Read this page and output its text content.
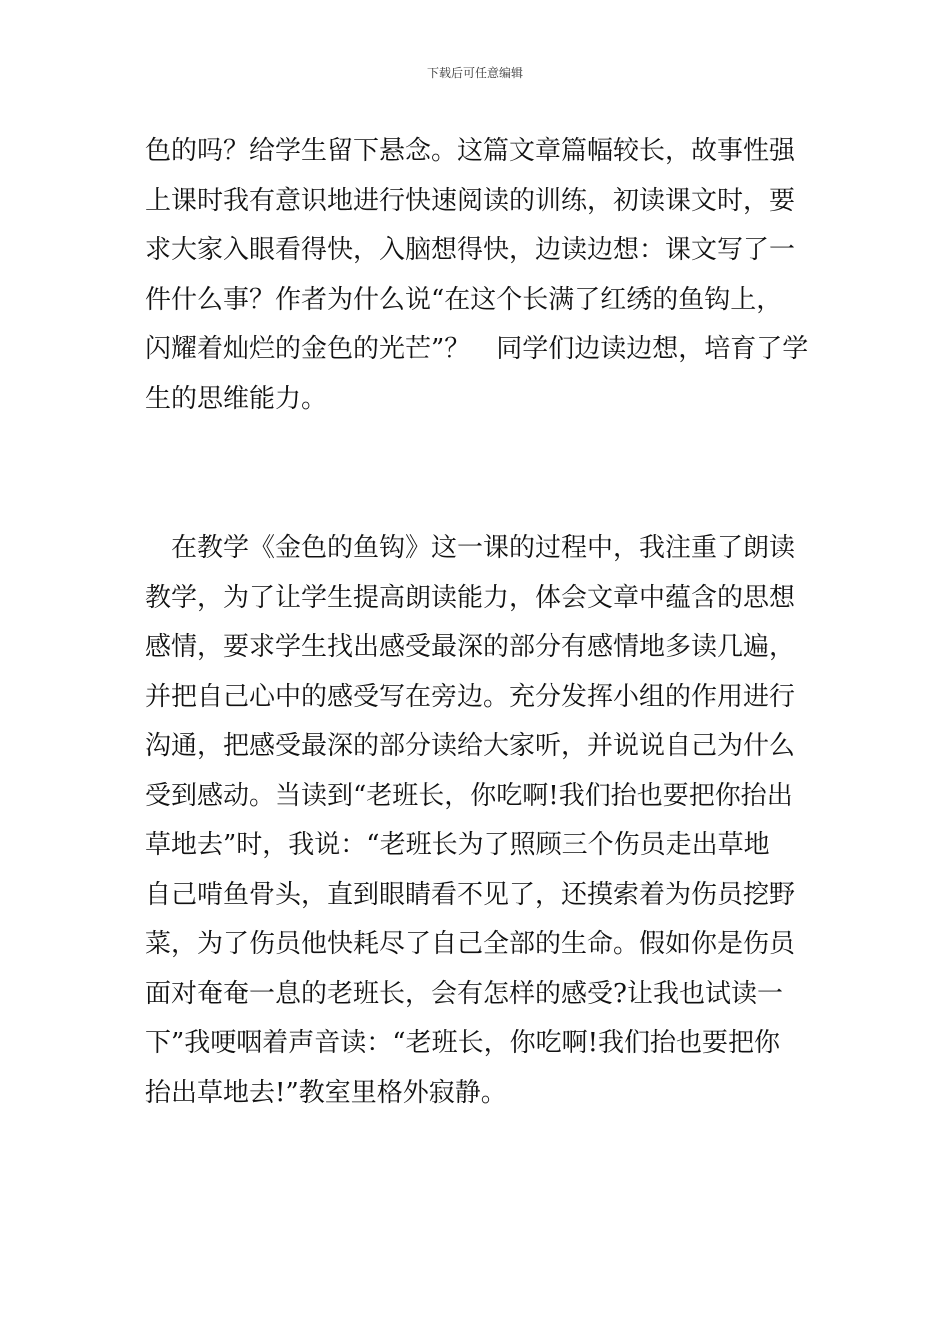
下载后可任意编辑
色的吗？给学生留下悬念。这篇文章篇幅较长，故事性强
上课时我有意识地进行快速阅读的训练，初读课文时，要
求大家入眼看得快，入脑想得快，边读边想：课文写了一
件什么事？作者为什么说“在这个长满了红绣的鱼钩上，
闪耀着灿烂的金色的光芒”？　同学们边读边想，培育了学
生的思维能力。
　在教学《金色的鱼钩》这一课的过程中，我注重了朗读
教学，为了让学生提高朗读能力，体会文章中蕴含的思想
感情，要求学生找出感受最深的部分有感情地多读几遍，
并把自己心中的感受写在旁边。充分发挥小组的作用进行
沟通，把感受最深的部分读给大家听，并说说自己为什么
受到感动。当读到“老班长，你吃啊!我们抬也要把你抬出
草地去”时，我说：“老班长为了照顾三个伤员走出草地
自己啃鱼骨头，直到眼睛看不见了，还摸索着为伤员挖野
菜，为了伤员他快耗尽了自己全部的生命。假如你是伤员
面对奄奄一息的老班长，会有怎样的感受?让我也试读一
下”我哽咽着声音读：“老班长，你吃啊!我们抬也要把你
抬出草地去!”教室里格外寂静。
